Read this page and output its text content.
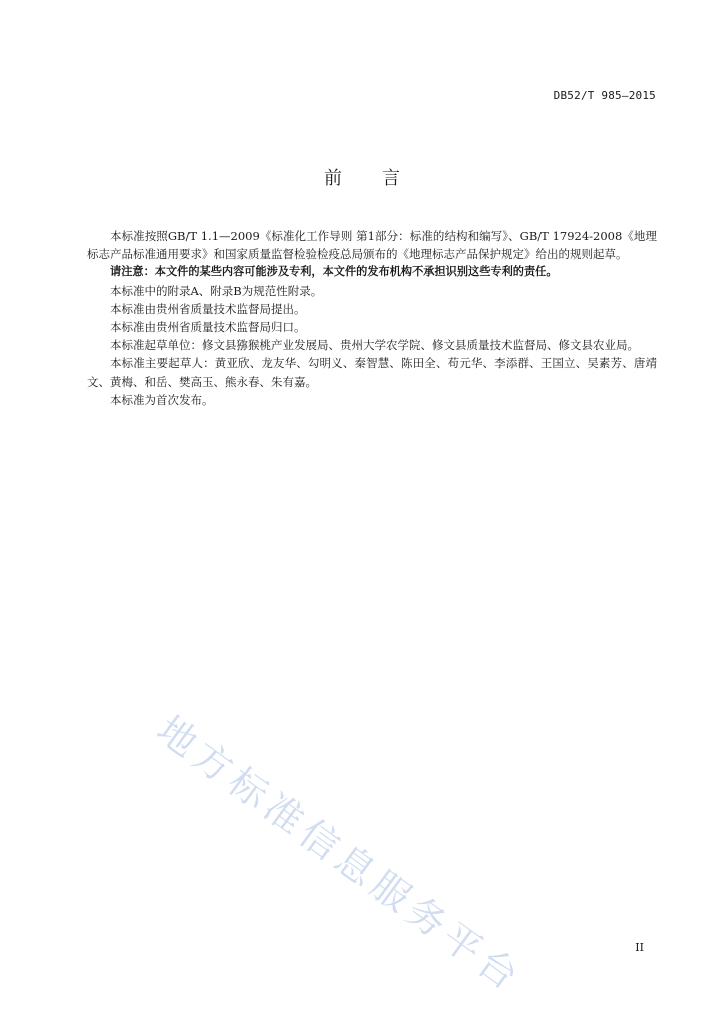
DB52/T 985—2015
前言

本标准按照GB/T 1.1—2009《标准化工作导则 第1部分：标准的结构和编写》、GB/T 17924-2008《地理标志产品标准通用要求》和国家质量监督检验检疫总局颁布的《地理标志产品保护规定》给出的规则起草。

请注意：本文件的某些内容可能涉及专利，本文件的发布机构不承担识别这些专利的责任。

本标准中的附录A、附录B为规范性附录。

本标准由贵州省质量技术监督局提出。

本标准由贵州省质量技术监督局归口。

本标准起草单位：修文县猕猴桃产业发展局、贵州大学农学院、修文县质量技术监督局、修文县农业局。

本标准主要起草人：黄亚欣、龙友华、勾明义、秦智慧、陈田全、苟元华、李添群、王国立、吴素芳、唐靖文、黄梅、和岳、樊高玉、熊永春、朱有嘉。

本标准为首次发布。

地方标准信息服务平台	II
